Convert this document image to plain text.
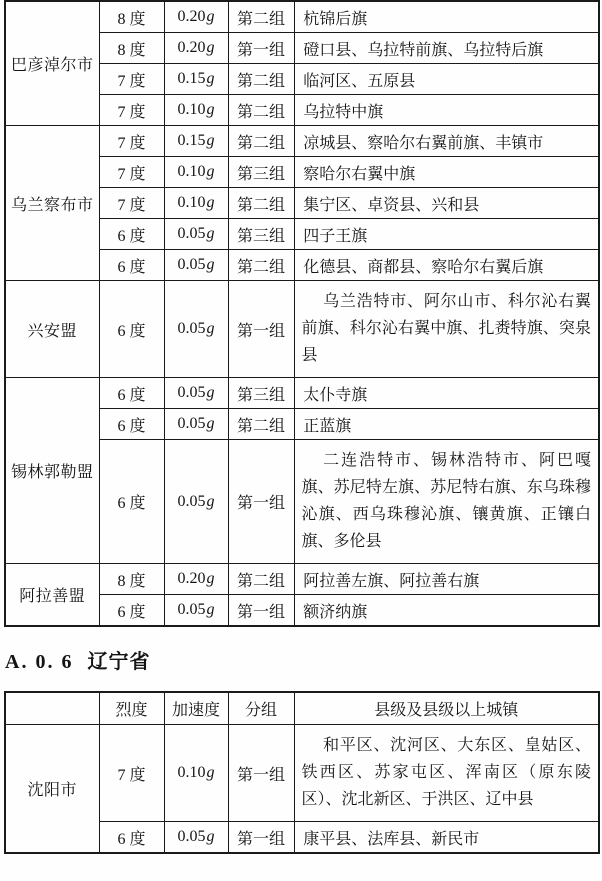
巴彦淖尔市	8 度	0.20g	第二组	杭锦后旗
	8 度	0.20g	第一组	磴口县、乌拉特前旗、乌拉特后旗
	7 度	0.15g	第二组	临河区、五原县
	7 度	0.10g	第二组	乌拉特中旗
乌兰察布市	7 度	0.15g	第二组	凉城县、察哈尔右翼前旗、丰镇市
	7 度	0.10g	第三组	察哈尔右翼中旗
	7 度	0.10g	第二组	集宁区、卓资县、兴和县
	6 度	0.05g	第三组	四子王旗
	6 度	0.05g	第二组	化德县、商都县、察哈尔右翼后旗
兴安盟	6 度	0.05g	第一组	乌兰浩特市、阿尔山市、科尔沁右翼前旗、科尔沁右翼中旗、扎赉特旗、突泉县
锡林郭勒盟	6 度	0.05g	第三组	太仆寺旗
	6 度	0.05g	第二组	正蓝旗
	6 度	0.05g	第一组	二连浩特市、锡林浩特市、阿巴嘎旗、苏尼特左旗、苏尼特右旗、东乌珠穆沁旗、西乌珠穆沁旗、镶黄旗、正镶白旗、多伦县
阿拉善盟	8 度	0.20g	第二组	阿拉善左旗、阿拉善右旗
	6 度	0.05g	第一组	额济纳旗
A. 0. 6 辽宁省
	烈度	加速度	分组	县级及县级以上城镇
沈阳市	7 度	0.10g	第一组	和平区、沈河区、大东区、皇姑区、铁西区、苏家屯区、浑南区（原东陵区）、沈北新区、于洪区、辽中县
	6 度	0.05g	第一组	康平县、法库县、新民市
